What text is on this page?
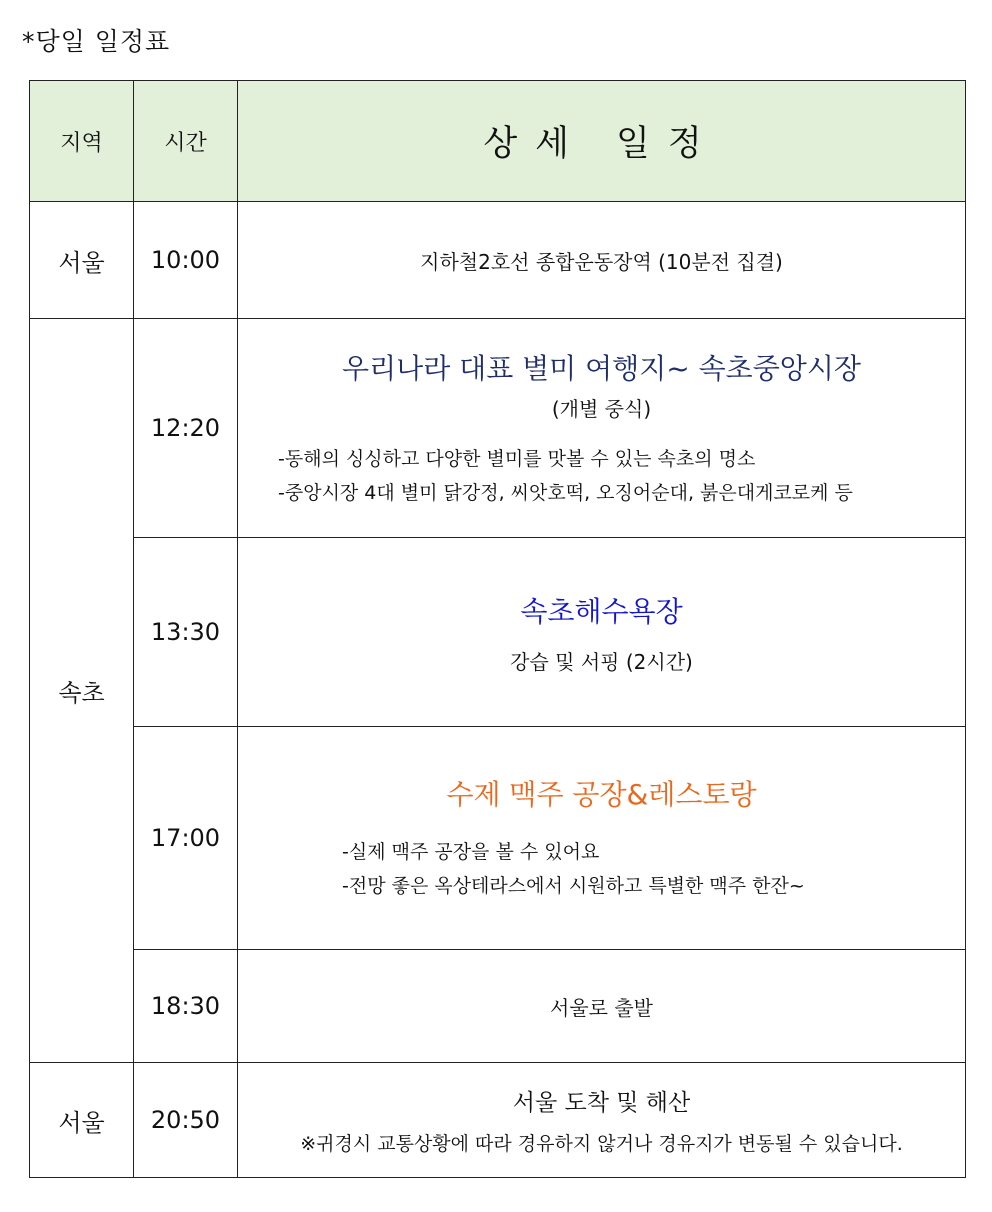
*당일 일정표
지역	시간	상세 일정
서울	10:00	지하철2호선 종합운동장역 (10분전 집결)

속초	12:20	우리나라 대표 별미 여행지~ 속초중앙시장
(개별 중식)
-동해의 싱싱하고 다양한 별미를 맛볼 수 있는 속초의 명소
-중앙시장 4대 별미 닭강정, 씨앗호떡, 오징어순대, 붉은대게코로케 등

	13:30	속초해수욕장
강습 및 서핑 (2시간)

	17:00	수제 맥주 공장&레스토랑
-실제 맥주 공장을 볼 수 있어요
-전망 좋은 옥상테라스에서 시원하고 특별한 맥주 한잔~

	18:30	서울로 출발

서울	20:50	서울 도착 및 해산
※귀경시 교통상황에 따라 경유하지 않거나 경유지가 변동될 수 있습니다.
